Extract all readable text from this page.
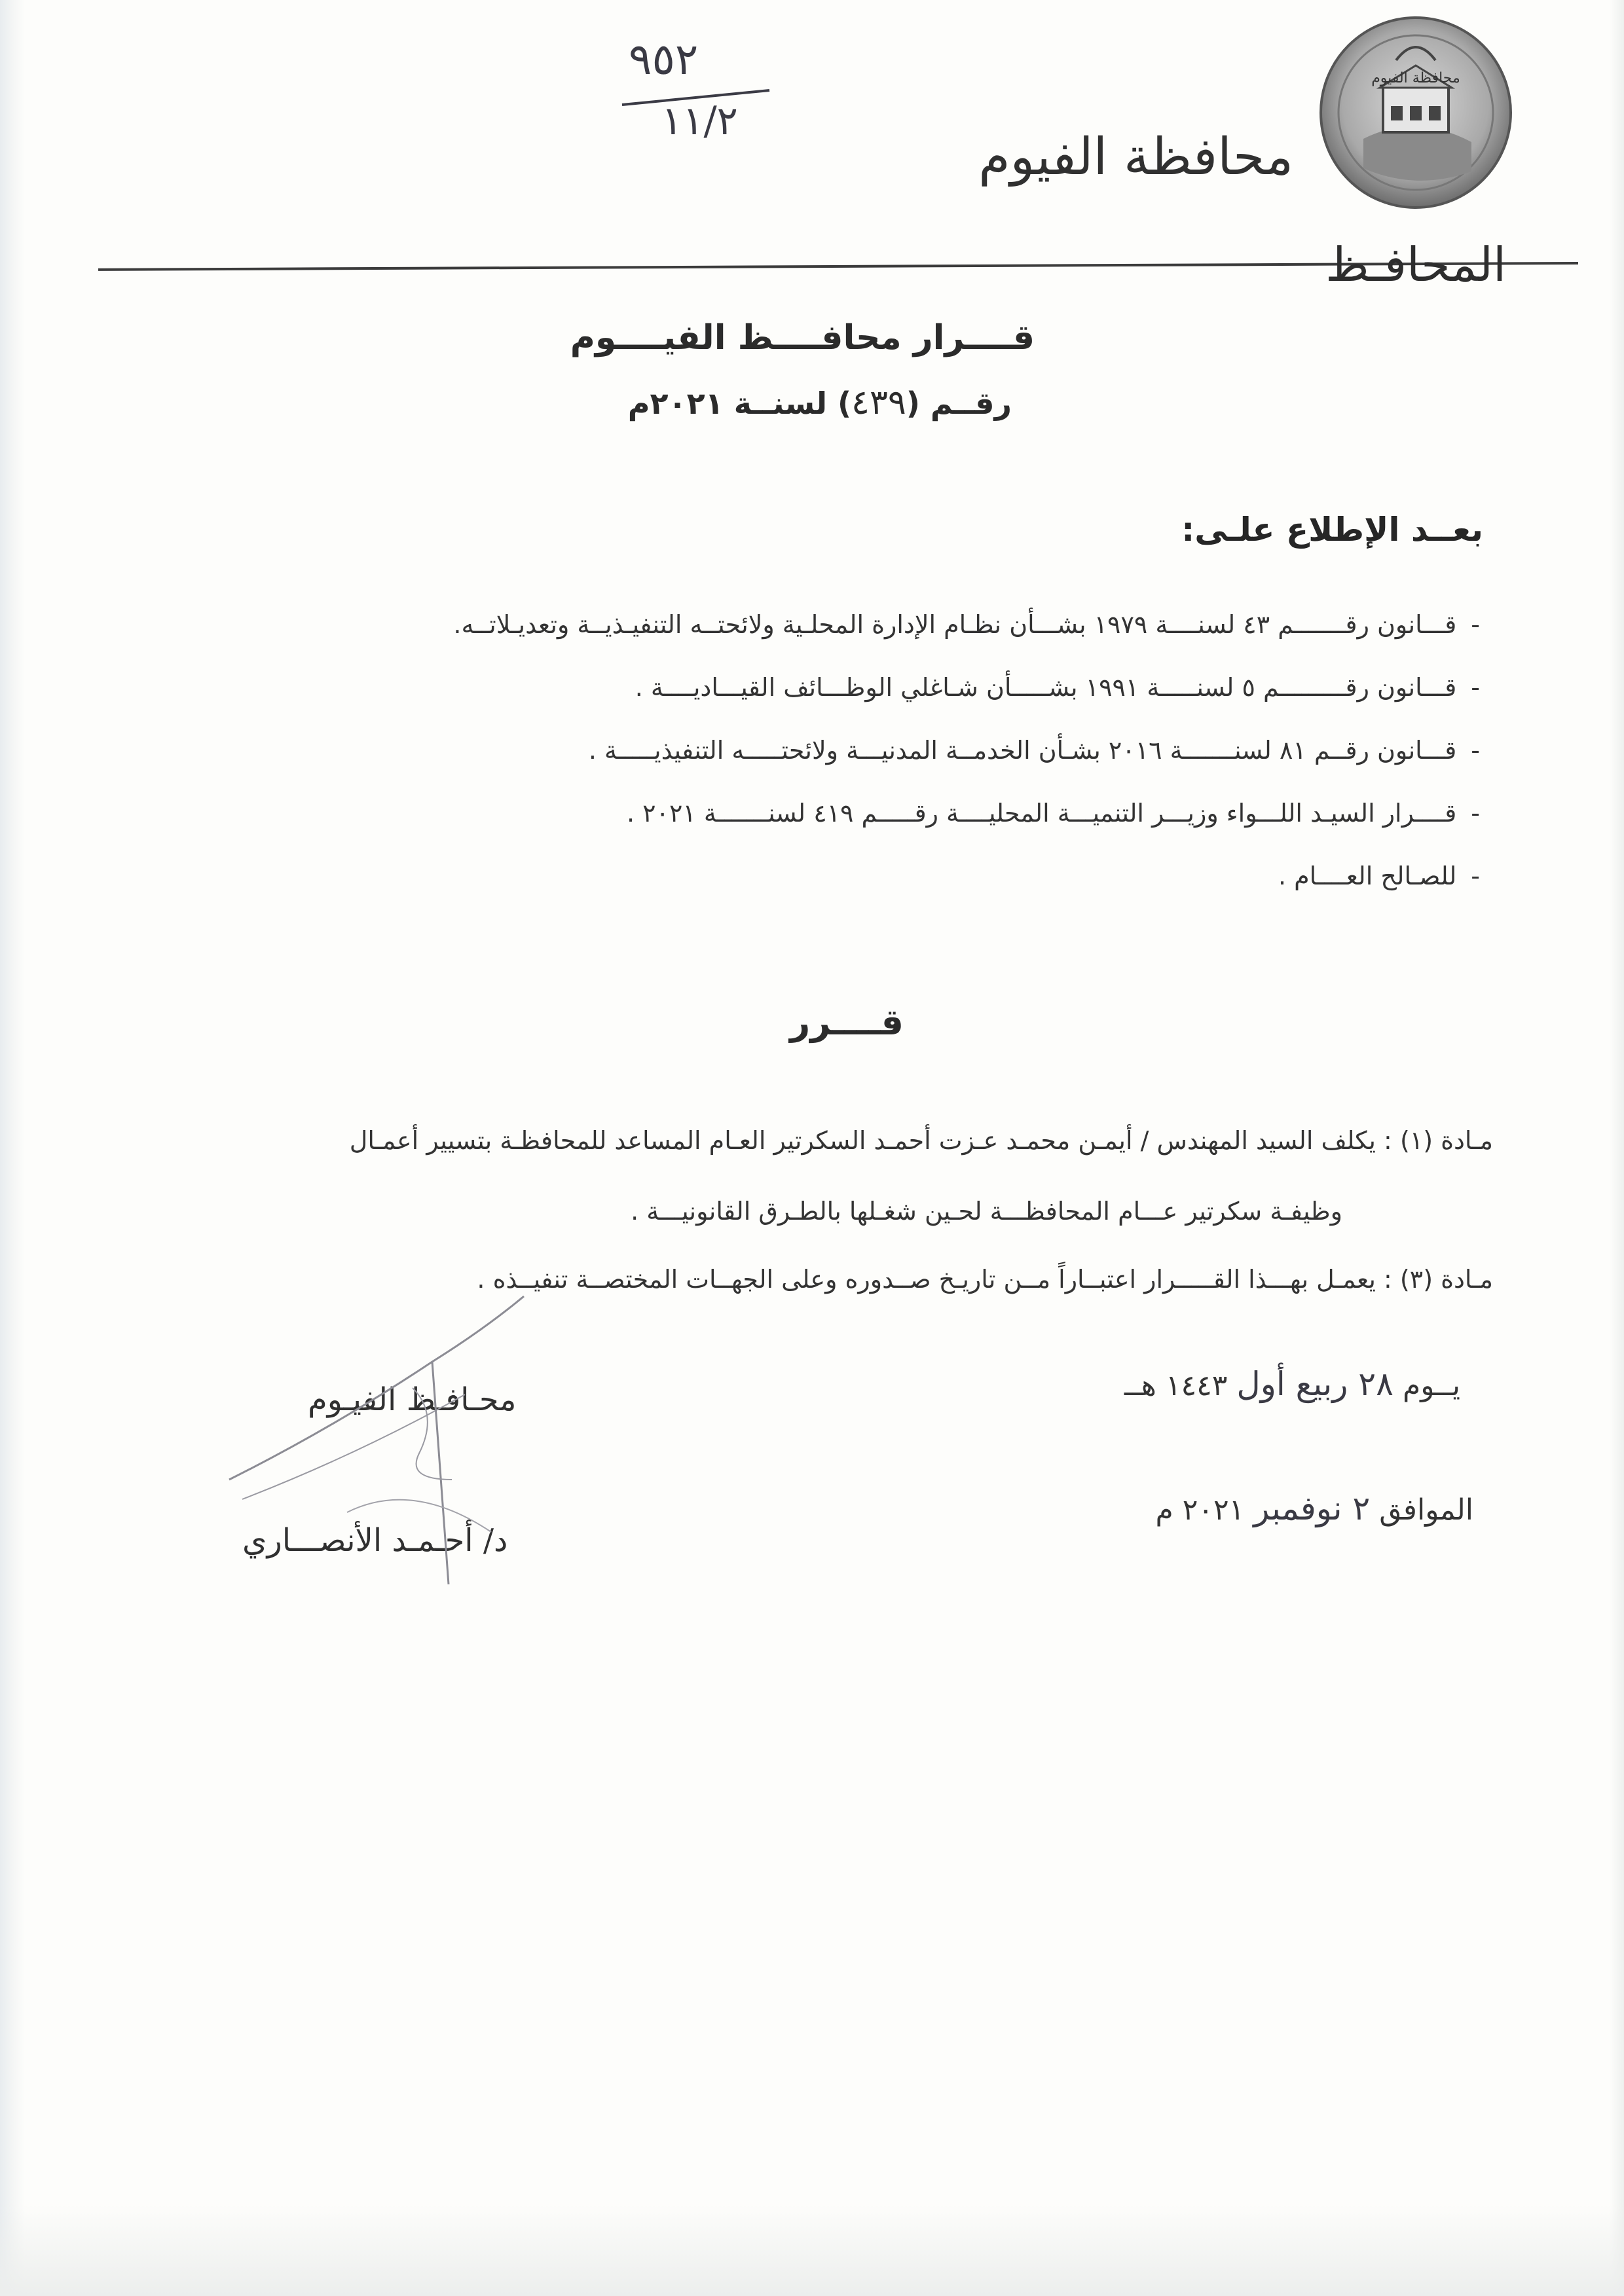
محافظة الفيوم
٩٥٢
١١/٢
محافظة الفيوم
المحافـظ
قــــرار محافــــظ الفيــــوم
رقــم (٤٣٩) لسنــة ٢٠٢١م
بعــد الإطلاع علـى:
-قـــانون رقـــــــم ٤٣ لسنــــة ١٩٧٩ بشـــأن نظـام الإدارة المحلـية ولائحتــه التنفيـذيــة وتعديـلاتــه.
-قـــانون رقـــــــــم ٥ لسنـــــة ١٩٩١ بشـــــأن شـاغلي الوظـــائف القيـــاديــــة .
-قـــانون رقــم ٨١ لسنـــــــة ٢٠١٦ بشـأن الخدمــة المدنيـــة ولائحتـــــه التنفيذيـــــة .
-قــــرار السيـد اللـــواء وزيـــر التنميـــة المحليــــة رقـــــم ٤١٩ لسنـــــــة ٢٠٢١ .
-للصـالح العــــام .
قــــرر
مـادة (١) : يكلف السيد المهندس / أيمـن محمـد عـزت أحمـد السكرتير العـام المساعد للمحافظـة بتسيير أعمـال
وظيفـة سكرتير عـــام المحافظـــة لحـين شغـلها بالطـرق القانونيـــة .
مـادة (٣) : يعمـل بهـــذا القـــــرار اعتبــاراً مــن تاريـخ صــدوره وعلى الجهــات المختصــة تنفيــذه .
يــوم ٢٨ ربيع أول ١٤٤٣ هــ
الموافق ٢ نوفمبر ٢٠٢١ م
محـافـظ الفيـوم
د/ أحـمـد الأنصـــاري
